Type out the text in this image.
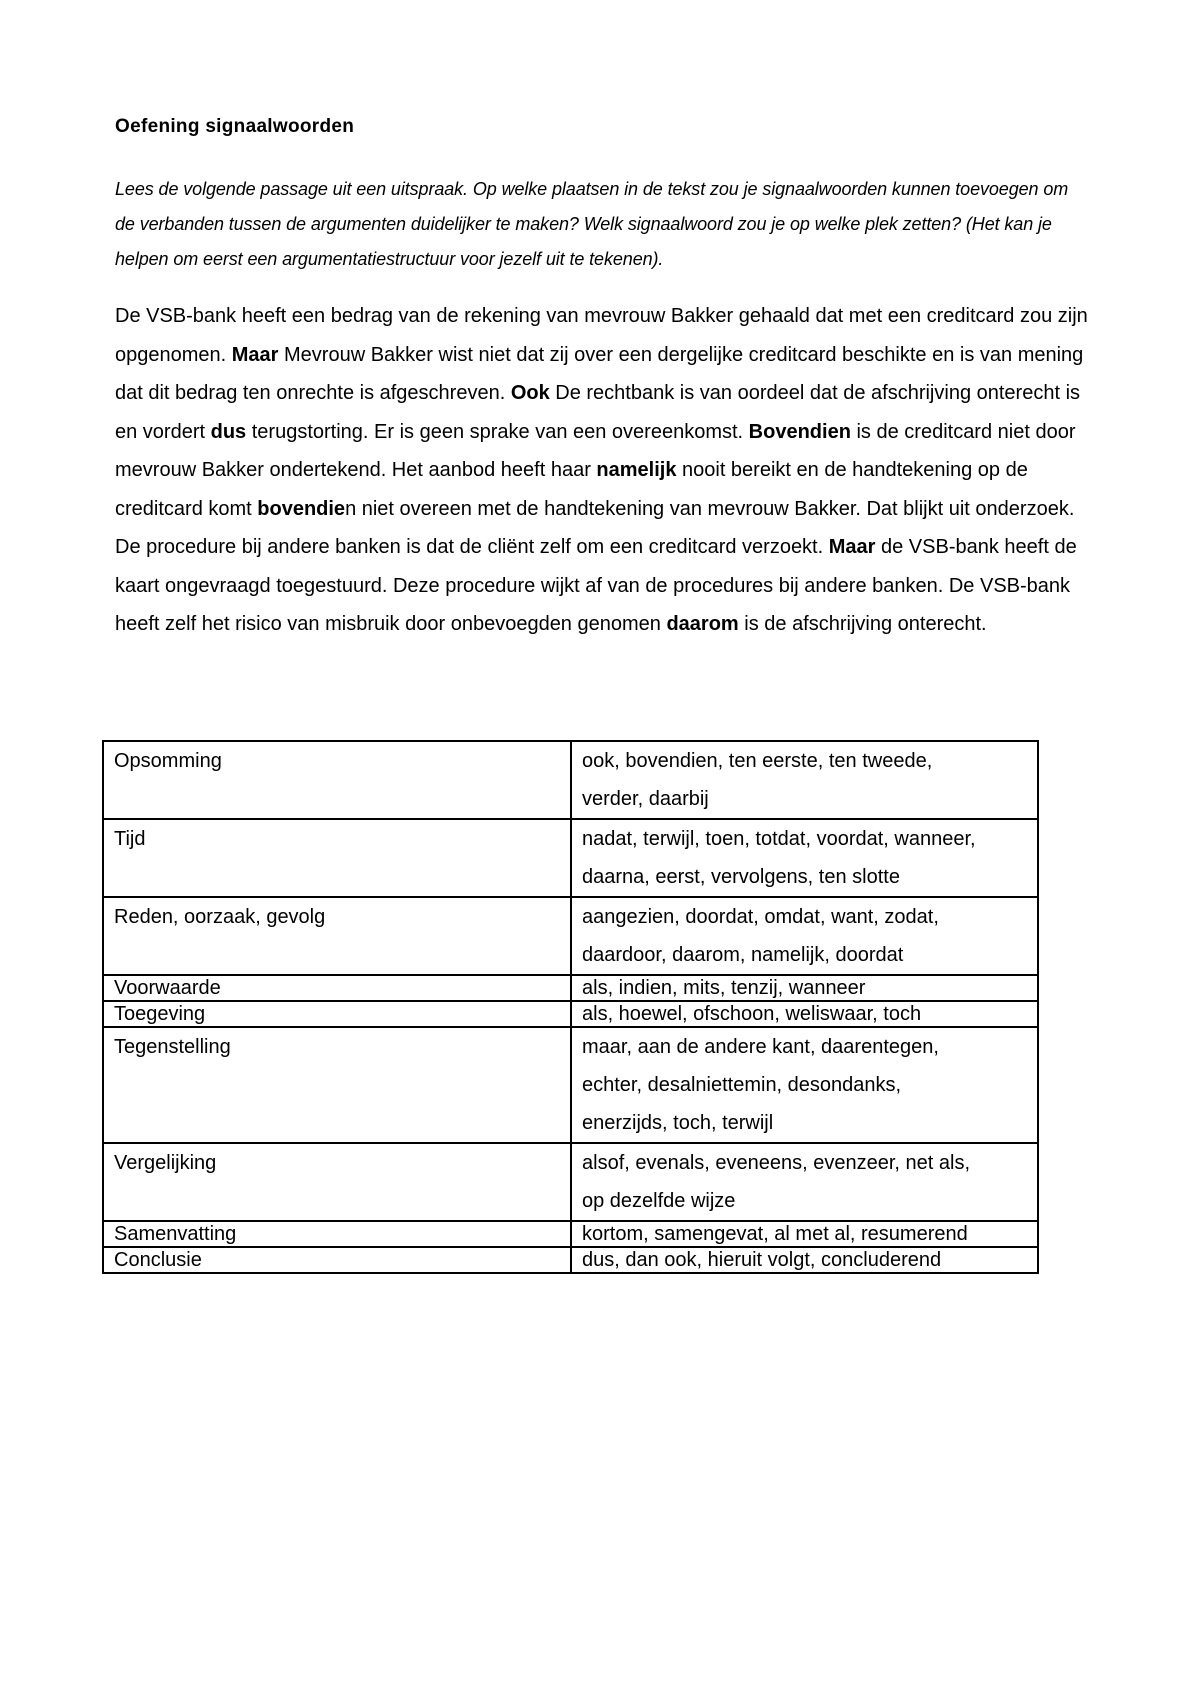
Oefening signaalwoorden

Lees de volgende passage uit een uitspraak. Op welke plaatsen in de tekst zou je signaalwoorden kunnen toevoegen om de verbanden tussen de argumenten duidelijker te maken? Welk signaalwoord zou je op welke plek zetten? (Het kan je helpen om eerst een argumentatiestructuur voor jezelf uit te tekenen).

De VSB-bank heeft een bedrag van de rekening van mevrouw Bakker gehaald dat met een creditcard zou zijn opgenomen. Maar Mevrouw Bakker wist niet dat zij over een dergelijke creditcard beschikte en is van mening dat dit bedrag ten onrechte is afgeschreven. Ook De rechtbank is van oordeel dat de afschrijving onterecht is en vordert dus terugstorting. Er is geen sprake van een overeenkomst. Bovendien is de creditcard niet door mevrouw Bakker ondertekend. Het aanbod heeft haar namelijk nooit bereikt en de handtekening op de creditcard komt bovendien niet overeen met de handtekening van mevrouw Bakker. Dat blijkt uit onderzoek. De procedure bij andere banken is dat de cliënt zelf om een creditcard verzoekt. Maar de VSB-bank heeft de kaart ongevraagd toegestuurd. Deze procedure wijkt af van de procedures bij andere banken. De VSB-bank heeft zelf het risico van misbruik door onbevoegden genomen daarom is de afschrijving onterecht.

Opsomming	ook, bovendien, ten eerste, ten tweede,
verder, daarbij

Tijd	nadat, terwijl, toen, totdat, voordat, wanneer,
daarna, eerst, vervolgens, ten slotte

Reden, oorzaak, gevolg	aangezien, doordat, omdat, want, zodat,
daardoor, daarom, namelijk, doordat

Voorwaarde	als, indien, mits, tenzij, wanneer

Toegeving	als, hoewel, ofschoon, weliswaar, toch

Tegenstelling	maar, aan de andere kant, daarentegen,
echter, desalniettemin, desondanks,
enerzijds, toch, terwijl

Vergelijking	alsof, evenals, eveneens, evenzeer, net als,
op dezelfde wijze

Samenvatting	kortom, samengevat, al met al, resumerend

Conclusie	dus, dan ook, hieruit volgt, concluderend
